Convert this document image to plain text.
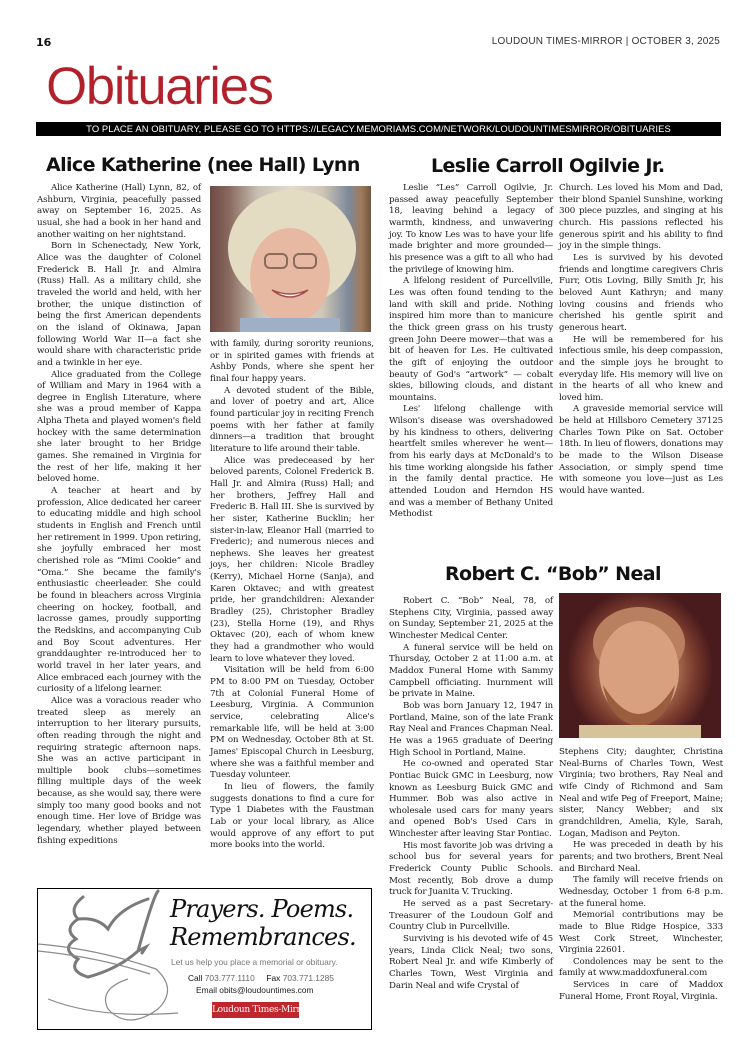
16	LOUDOUN TIMES-MIRROR | OCTOBER 3, 2025
Obituaries
TO PLACE AN OBITUARY, PLEASE GO TO HTTPS://LEGACY.MEMORIAMS.COM/NETWORK/LOUDOUNTIMESMIRROR/OBITUARIES
Alice Katherine (nee Hall) Lynn

Alice Katherine (Hall) Lynn, 82, of Ashburn, Virginia, peacefully passed away on September 16, 2025. As usual, she had a book in her hand and another waiting on her nightstand.

Born in Schenectady, New York, Alice was the daughter of Colonel Frederick B. Hall Jr. and Almira (Russ) Hall. As a military child, she traveled the world and held, with her brother, the unique distinction of being the first American dependents on the island of Okinawa, Japan following World War II—a fact she would share with characteristic pride and a twinkle in her eye.

Alice graduated from the College of William and Mary in 1964 with a degree in English Literature, where she was a proud member of Kappa Alpha Theta and played women's field hockey with the same determination she later brought to her Bridge games. She remained in Virginia for the rest of her life, making it her beloved home.

A teacher at heart and by profession, Alice dedicated her career to educating middle and high school students in English and French until her retirement in 1999. Upon retiring, she joyfully embraced her most cherished role as “Mimi Cookie” and “Oma.” She became the family's enthusiastic cheerleader. She could be found in bleachers across Virginia cheering on hockey, football, and lacrosse games, proudly supporting the Redskins, and accompanying Cub and Boy Scout adventures. Her granddaughter re-introduced her to world travel in her later years, and Alice embraced each journey with the curiosity of a lifelong learner.

Alice was a voracious reader who treated sleep as merely an interruption to her literary pursuits, often reading through the night and requiring strategic afternoon naps. She was an active participant in multiple book clubs—sometimes filling multiple days of the week because, as she would say, there were simply too many good books and not enough time. Her love of Bridge was legendary, whether played between fishing expeditions

with family, during sorority reunions, or in spirited games with friends at Ashby Ponds, where she spent her final four happy years.

A devoted student of the Bible, and lover of poetry and art, Alice found particular joy in reciting French poems with her father at family dinners—a tradition that brought literature to life around their table.

Alice was predeceased by her beloved parents, Colonel Frederick B. Hall Jr. and Almira (Russ) Hall; and her brothers, Jeffrey Hall and Frederic B. Hall III. She is survived by her sister, Katherine Bucklin; her sister-in-law, Eleanor Hall (married to Frederic); and numerous nieces and nephews. She leaves her greatest joys, her children: Nicole Bradley (Kerry), Michael Horne (Sanja), and Karen Oktavec; and with greatest pride, her grandchildren: Alexander Bradley (25), Christopher Bradley (23), Stella Horne (19), and Rhys Oktavec (20), each of whom knew they had a grandmother who would learn to love whatever they loved.

Visitation will be held from 6:00 PM to 8:00 PM on Tuesday, October 7th at Colonial Funeral Home of Leesburg, Virginia. A Communion service, celebrating Alice's remarkable life, will be held at 3:00 PM on Wednesday, October 8th at St. James' Episcopal Church in Leesburg, where she was a faithful member and Tuesday volunteer.

In lieu of flowers, the family suggests donations to find a cure for Type 1 Diabetes with the Faustman Lab or your local library, as Alice would approve of any effort to put more books into the world.

Leslie Carroll Ogilvie Jr.

Leslie “Les” Carroll Ogilvie, Jr. passed away peacefully September 18, leaving behind a legacy of warmth, kindness, and unwavering joy. To know Les was to have your life made brighter and more grounded—his presence was a gift to all who had the privilege of knowing him.

A lifelong resident of Purcellville, Les was often found tending to the land with skill and pride. Nothing inspired him more than to manicure the thick green grass on his trusty green John Deere mower—that was a bit of heaven for Les. He cultivated the gift of enjoying the outdoor beauty of God's “artwork” — cobalt skies, billowing clouds, and distant mountains.

Les' lifelong challenge with Wilson's disease was overshadowed by his kindness to others, delivering heartfelt smiles wherever he went—from his early days at McDonald's to his time working alongside his father in the family dental practice. He attended Loudon and Herndon HS and was a member of Bethany United Methodist

Church. Les loved his Mom and Dad, their blond Spaniel Sunshine, working 300 piece puzzles, and singing at his church. His passions reflected his generous spirit and his ability to find joy in the simple things.

Les is survived by his devoted friends and longtime caregivers Chris Furr, Otis Loving, Billy Smith Jr, his beloved Aunt Kathryn; and many loving cousins and friends who cherished his gentle spirit and generous heart.

He will be remembered for his infectious smile, his deep compassion, and the simple joys he brought to everyday life. His memory will live on in the hearts of all who knew and loved him.

A graveside memorial service will be held at Hillsboro Cemetery 37125 Charles Town Pike on Sat. October 18th. In lieu of flowers, donations may be made to the Wilson Disease Association, or simply spend time with someone you love—just as Les would have wanted.

Robert C. “Bob” Neal

Robert C. “Bob” Neal, 78, of Stephens City, Virginia, passed away on Sunday, September 21, 2025 at the Winchester Medical Center.

A funeral service will be held on Thursday, October 2 at 11:00 a.m. at Maddox Funeral Home with Sammy Campbell officiating. Inurnment will be private in Maine.

Bob was born January 12, 1947 in Portland, Maine, son of the late Frank Ray Neal and Frances Chapman Neal. He was a 1965 graduate of Deering High School in Portland, Maine.

He co-owned and operated Star Pontiac Buick GMC in Leesburg, now known as Leesburg Buick GMC and Hummer. Bob was also active in wholesale used cars for many years and opened Bob's Used Cars in Winchester after leaving Star Pontiac.

His most favorite job was driving a school bus for several years for Frederick County Public Schools. Most recently, Bob drove a dump truck for Juanita V. Trucking.

He served as a past Secretary-Treasurer of the Loudoun Golf and Country Club in Purcellville.

Surviving is his devoted wife of 45 years, Linda Click Neal; two sons, Robert Neal Jr. and wife Kimberly of Charles Town, West Virginia and Darin Neal and wife Crystal of

Stephens City; daughter, Christina Neal-Burns of Charles Town, West Virginia; two brothers, Ray Neal and wife Cindy of Richmond and Sam Neal and wife Peg of Freeport, Maine; sister, Nancy Webber; and six grandchildren, Amelia, Kyle, Sarah, Logan, Madison and Peyton.

He was preceded in death by his parents; and two brothers, Brent Neal and Birchard Neal.

The family will receive friends on Wednesday, October 1 from 6-8 p.m. at the funeral home.

Memorial contributions may be made to Blue Ridge Hospice, 333 West Cork Street, Winchester, Virginia 22601.

Condolences may be sent to the family at www.maddoxfuneral.com

Services in care of Maddox Funeral Home, Front Royal, Virginia.

Prayers. Poems.
Remembrances.
Let us help you place a memorial or obituary.
Call 703.777.1110 Fax 703.771.1285
Email obits@loudountimes.com
Loudoun Times-Mirror
